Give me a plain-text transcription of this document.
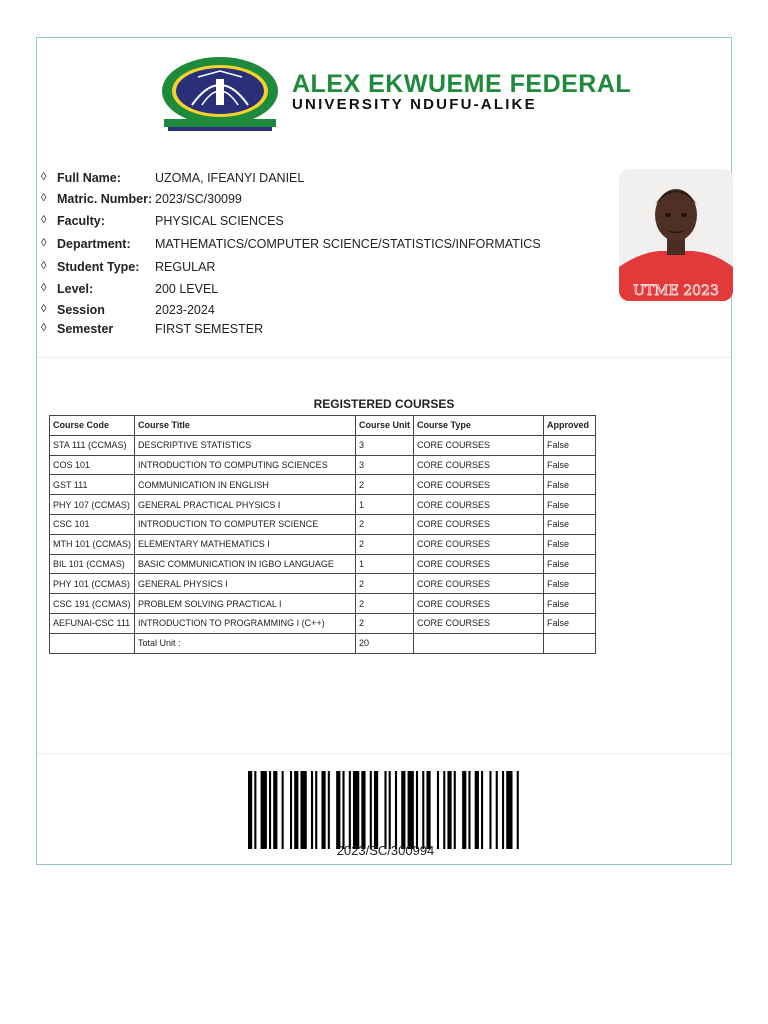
ALEX EKWUEME FEDERAL
UNIVERSITY NDUFU-ALIKE
◊ Full Name:	UZOMA, IFEANYI DANIEL
◊ Matric. Number: 2023/SC/30099
◊ Faculty:	PHYSICAL SCIENCES
◊ Department: MATHEMATICS/COMPUTER SCIENCE/STATISTICS/INFORMATICS
◊ Student Type: REGULAR
◊ Level:	200 LEVEL
◊ Session	2023-2024
◊ Semester	FIRST SEMESTER
UTME 2023
REGISTERED COURSES
Course Code	Course Title	Course Unit	Course Type	Approved
STA 111 (CCMAS)	DESCRIPTIVE STATISTICS	3	CORE COURSES	False
COS 101	INTRODUCTION TO COMPUTING SCIENCES	3	CORE COURSES	False
GST 111	COMMUNICATION IN ENGLISH	2	CORE COURSES	False
PHY 107 (CCMAS)	GENERAL PRACTICAL PHYSICS I	1	CORE COURSES	False
CSC 101	INTRODUCTION TO COMPUTER SCIENCE	2	CORE COURSES	False
MTH 101 (CCMAS)	ELEMENTARY MATHEMATICS I	2	CORE COURSES	False
BIL 101 (CCMAS)	BASIC COMMUNICATION IN IGBO LANGUAGE	1	CORE COURSES	False
PHY 101 (CCMAS)	GENERAL PHYSICS I	2	CORE COURSES	False
CSC 191 (CCMAS)	PROBLEM SOLVING PRACTICAL I	2	CORE COURSES	False
AEFUNAI-CSC 111	INTRODUCTION TO PROGRAMMING I (C++)	2	CORE COURSES	False
	Total Unit :	20		
2023/SC/300994
